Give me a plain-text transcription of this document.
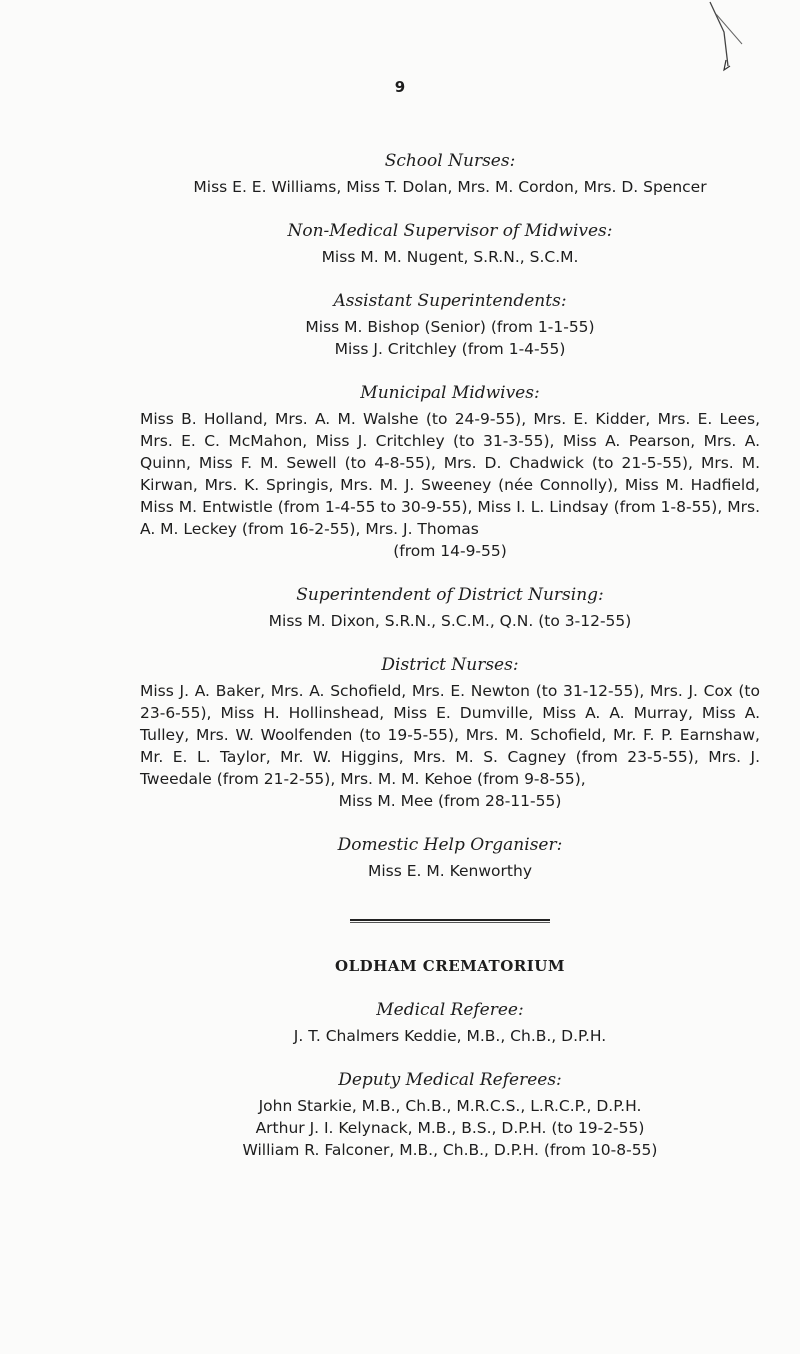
9

School Nurses:

Miss E. E. Williams, Miss T. Dolan, Mrs. M. Cordon, Mrs. D. Spencer

Non-Medical Supervisor of Midwives:

Miss M. M. Nugent, S.R.N., S.C.M.

Assistant Superintendents:

Miss M. Bishop (Senior) (from 1-1-55)

Miss J. Critchley (from 1-4-55)

Municipal Midwives:

Miss B. Holland, Mrs. A. M. Walshe (to 24-9-55), Mrs. E. Kidder, Mrs. E. Lees, Mrs. E. C. McMahon, Miss J. Critchley (to 31-3-55), Miss A. Pearson, Mrs. A. Quinn, Miss F. M. Sewell (to 4-8-55), Mrs. D. Chadwick (to 21-5-55), Mrs. M. Kirwan, Mrs. K. Springis, Mrs. M. J. Sweeney (née Connolly), Miss M. Hadfield, Miss M. Entwistle (from 1-4-55 to 30-9-55), Miss I. L. Lindsay (from 1-8-55), Mrs. A. M. Leckey (from 16-2-55), Mrs. J. Thomas

(from 14-9-55)

Superintendent of District Nursing:

Miss M. Dixon, S.R.N., S.C.M., Q.N. (to 3-12-55)

District Nurses:

Miss J. A. Baker, Mrs. A. Schofield, Mrs. E. Newton (to 31-12-55), Mrs. J. Cox (to 23-6-55), Miss H. Hollinshead, Miss E. Dumville, Miss A. A. Murray, Miss A. Tulley, Mrs. W. Woolfenden (to 19-5-55), Mrs. M. Schofield, Mr. F. P. Earnshaw, Mr. E. L. Taylor, Mr. W. Higgins, Mrs. M. S. Cagney (from 23-5-55), Mrs. J. Tweedale (from 21-2-55), Mrs. M. M. Kehoe (from 9-8-55),

Miss M. Mee (from 28-11-55)

Domestic Help Organiser:

Miss E. M. Kenworthy

OLDHAM CREMATORIUM

Medical Referee:

J. T. Chalmers Keddie, M.B., Ch.B., D.P.H.

Deputy Medical Referees:

John Starkie, M.B., Ch.B., M.R.C.S., L.R.C.P., D.P.H.

Arthur J. I. Kelynack, M.B., B.S., D.P.H. (to 19-2-55)

William R. Falconer, M.B., Ch.B., D.P.H. (from 10-8-55)
